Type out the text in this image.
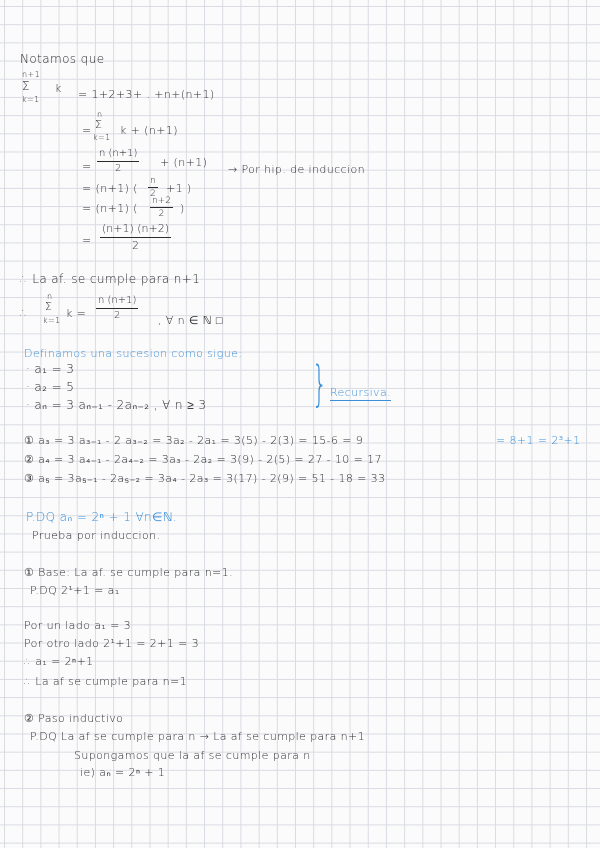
Notamos que
n+1
Σ
k=1
k = 1+2+3+ . +n+(n+1)
=
n
Σ
k=1
k + (n+1)
= $\frac{n (n+1)}{2} + (n+1)$
→ Por hip. de induccion
= (n+1) ( $\frac{n}{2} +1$ )
= (n+1) ( $\frac{n+2}{2}$ )
= $\frac{(n+1) (n+2)}{2}$
∴ La af. se cumple para n+1
∴
n
Σ
k=1
$k = \frac{n (n+1)}{2}$ , ∀ n ∈ ℕ □
Definamos una sucesion como sigue:
· a₁ = 3
· a₂ = 5
· aₙ = 3 aₙ₋₁ - 2aₙ₋₂ , ∀ n ≥ 3 } Recursiva.
① a₃ = 3 a₃₋₁ - 2 a₃₋₂ = 3a₂ - 2a₁ = 3(5) - 2(3) = 15-6 = 9	= 8+1 = 2³+1
② a₄ = 3 a₄₋₁ - 2a₄₋₂ = 3a₃ - 2a₂ = 3(9) - 2(5) = 27 - 10 = 17
③ a₅ = 3a₅₋₁ - 2a₅₋₂ = 3a₄ - 2a₃ = 3(17) - 2(9) = 51 - 18 = 33
P.DQ aₙ = 2ⁿ + 1 ∀n∈ℕ.
Prueba por induccion.
① Base: La af. se cumple para n=1.
P.DQ 2¹+1 = a₁
Por un lado a₁ = 3
Por otro lado 2¹+1 = 2+1 = 3
∴ a₁ = 2ⁿ+1
∴ La af se cumple para n=1
② Paso inductivo
P.DQ La af se cumple para n → La af se cumple para n+1
Supongamos que la af se cumple para n
ie) aₙ = 2ⁿ + 1
